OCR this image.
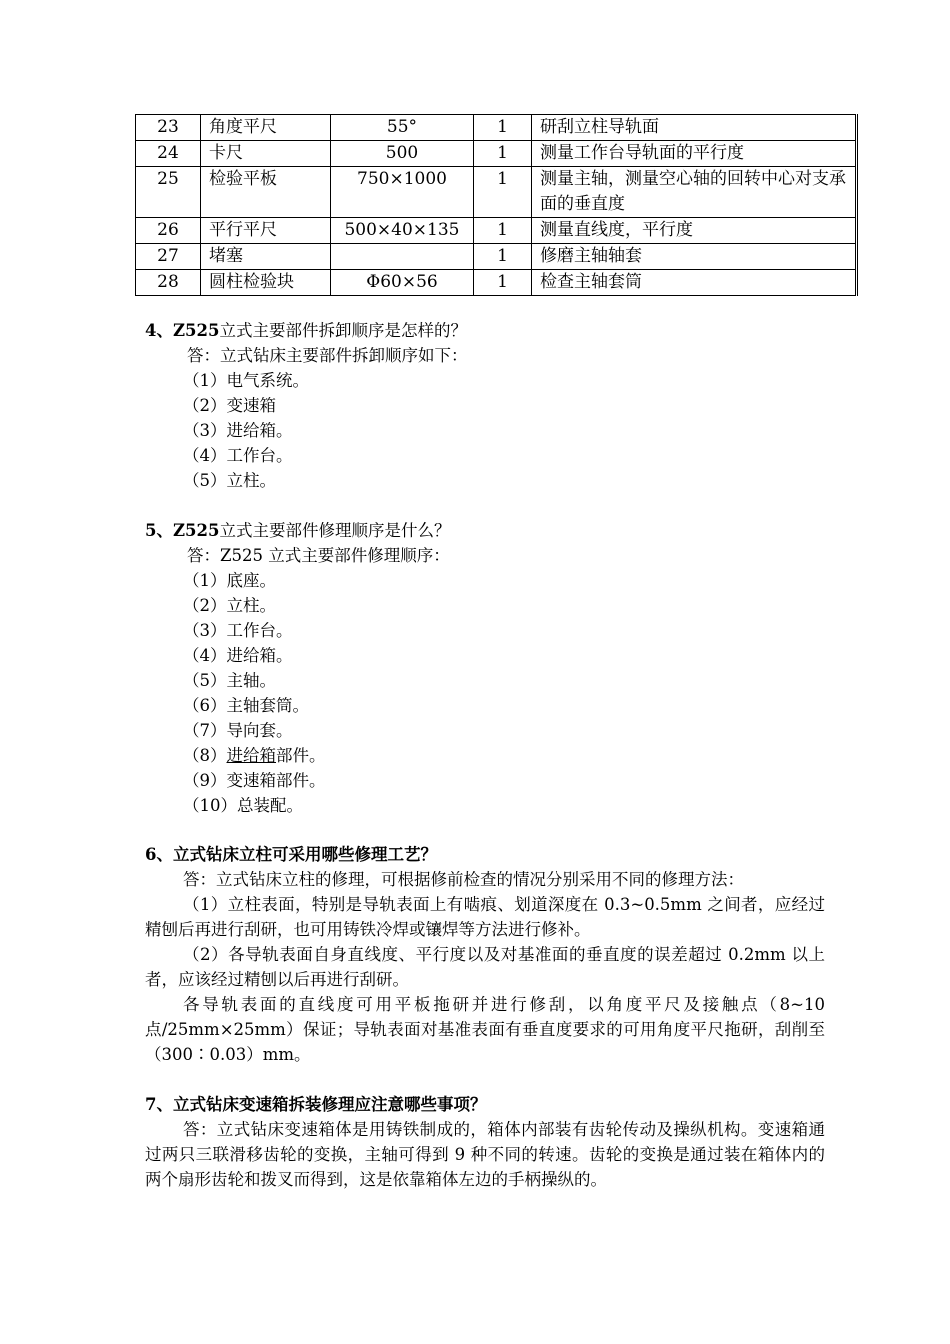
23	角度平尺	55°	1	研刮立柱导轨面
24	卡尺	500	1	测量工作台导轨面的平行度
25	检验平板	750×1000	1	测量主轴，测量空心轴的回转中心对支承面的垂直度
26	平行平尺	500×40×135	1	测量直线度，平行度
27	堵塞		1	修磨主轴轴套
28	圆柱检验块	Φ60×56	1	检查主轴套筒

4、Z525立式主要部件拆卸顺序是怎样的？

答：立式钻床主要部件拆卸顺序如下：

（1）电气系统。

（2）变速箱

（3）进给箱。

（4）工作台。

（5）立柱。

5、Z525立式主要部件修理顺序是什么？

答：Z525 立式主要部件修理顺序：

（1）底座。

（2）立柱。

（3）工作台。

（4）进给箱。

（5）主轴。

（6）主轴套筒。

（7）导向套。

（8）进给箱部件。

（9）变速箱部件。

（10）总装配。

6、立式钻床立柱可采用哪些修理工艺？

答：立式钻床立柱的修理，可根据修前检查的情况分别采用不同的修理方法：

（1）立柱表面，特别是导轨表面上有啮痕、划道深度在 0.3~0.5mm 之间者，应经过精刨后再进行刮研，也可用铸铁冷焊或镶焊等方法进行修补。

（2）各导轨表面自身直线度、平行度以及对基准面的垂直度的误差超过 0.2mm 以上者，应该经过精刨以后再进行刮研。

各导轨表面的直线度可用平板拖研并进行修刮，以角度平尺及接触点（8~10 点/25mm×25mm）保证；导轨表面对基准表面有垂直度要求的可用角度平尺拖研，刮削至（300∶0.03）mm。

7、立式钻床变速箱拆装修理应注意哪些事项？

答：立式钻床变速箱体是用铸铁制成的，箱体内部装有齿轮传动及操纵机构。变速箱通过两只三联滑移齿轮的变换，主轴可得到 9 种不同的转速。齿轮的变换是通过装在箱体内的两个扇形齿轮和拨叉而得到，这是依靠箱体左边的手柄操纵的。
